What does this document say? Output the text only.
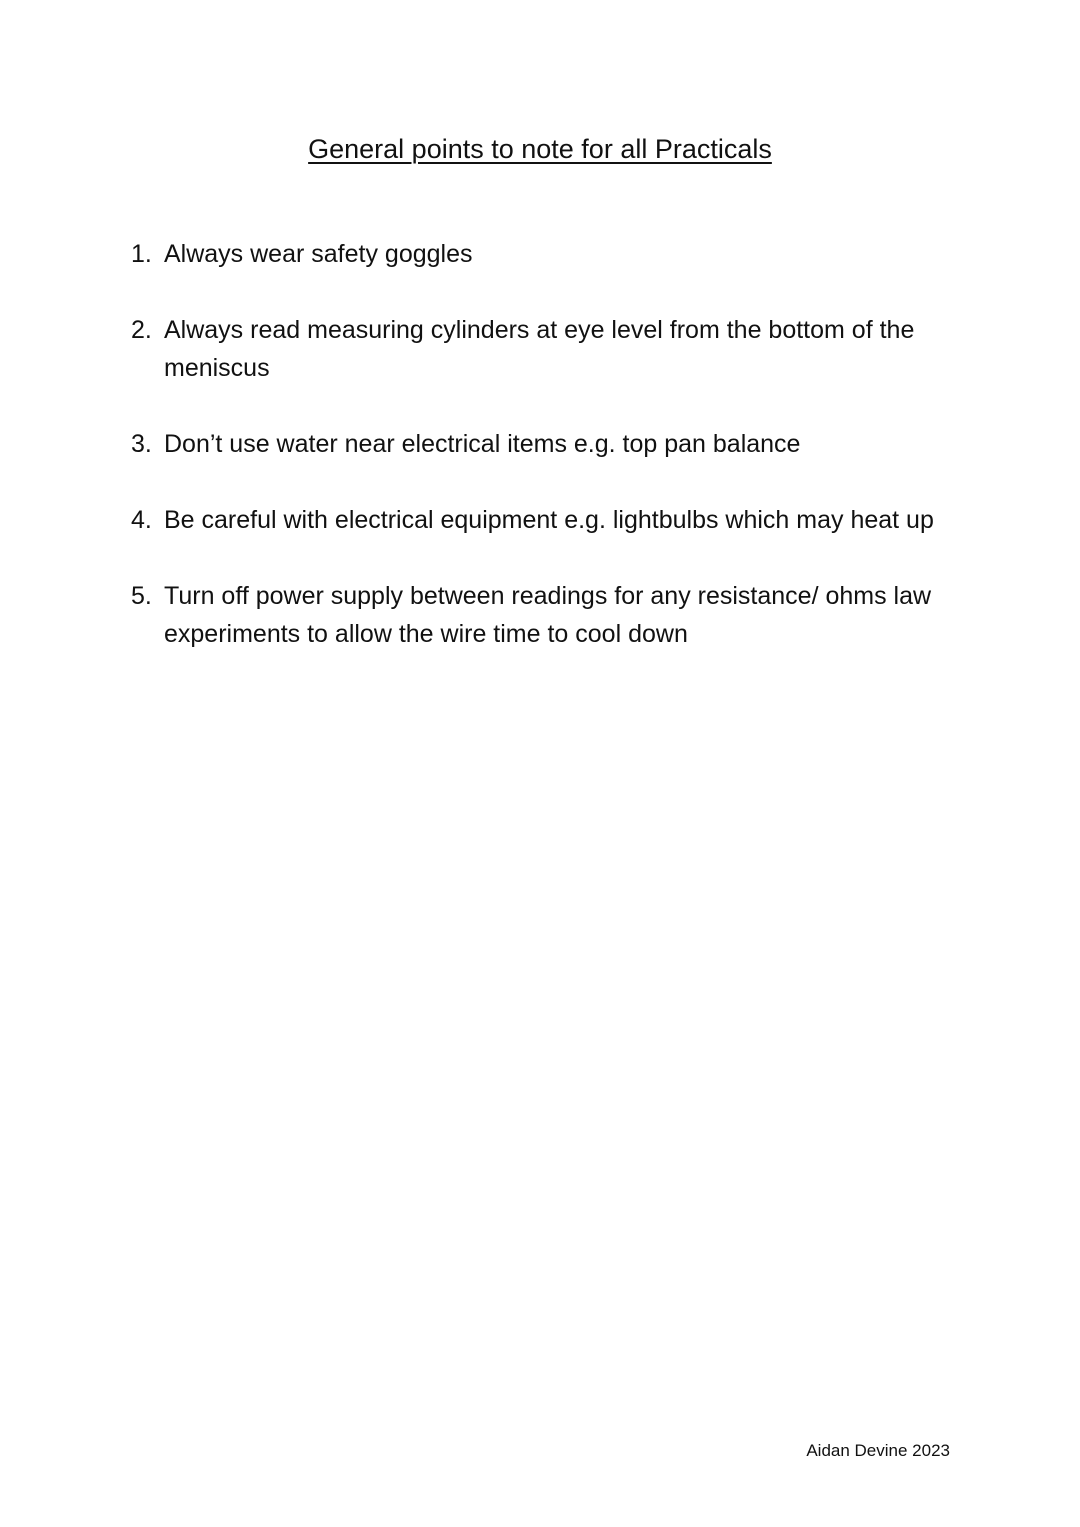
General points to note for all Practicals
1. Always wear safety goggles
2. Always read measuring cylinders at eye level from the bottom of the meniscus
3. Don’t use water near electrical items e.g. top pan balance
4. Be careful with electrical equipment e.g. lightbulbs which may heat up
5. Turn off power supply between readings for any resistance/ ohms law experiments to allow the wire time to cool down
Aidan Devine 2023
